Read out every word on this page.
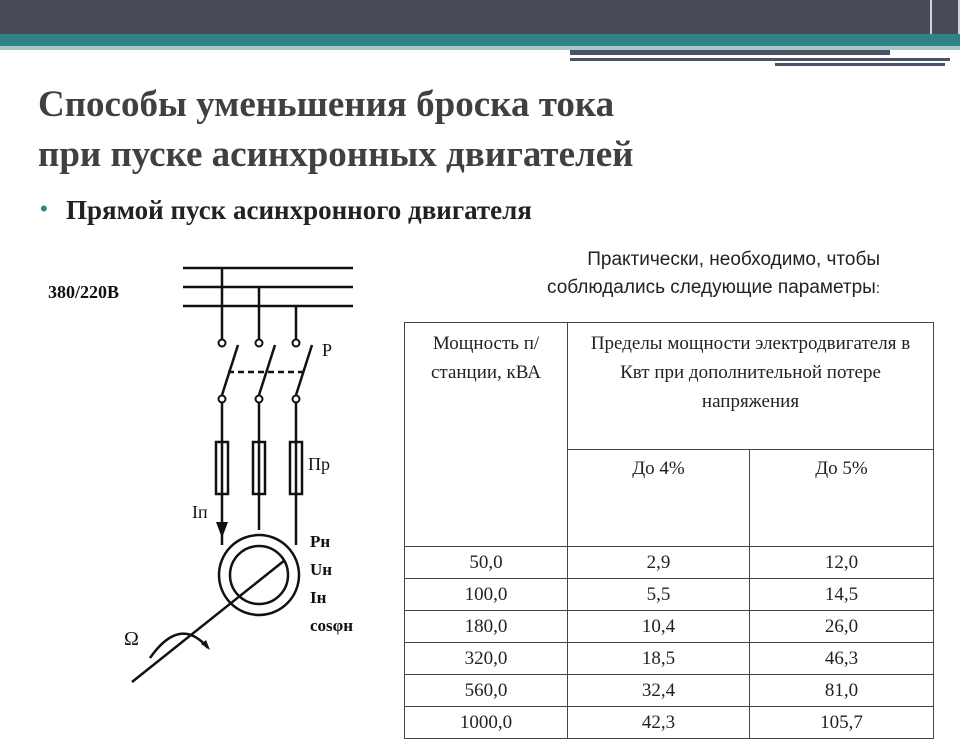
Способы уменьшения броска тока
при пуске асинхронных двигателей
• Прямой пуск асинхронного двигателя
Практически, необходимо, чтобы
соблюдались следующие параметры:
380/220В
Р
Пр
Iп
Ω
Рн
Uн
Iн
cosφн
Мощность п/ станции, кВА	Пределы мощности электродвигателя в Квт при дополнительной потере напряжения	
	До 4%	До 5%
50,0	2,9	12,0
100,0	5,5	14,5
180,0	10,4	26,0
320,0	18,5	46,3
560,0	32,4	81,0
1000,0	42,3	105,7
